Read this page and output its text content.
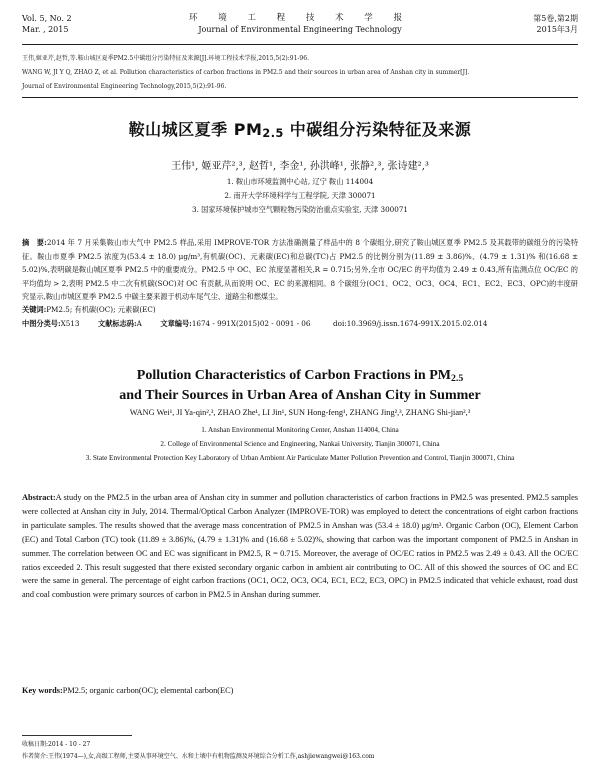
Vol. 5, No. 2
Mar. , 2015
环 境 工 程 技 术 学 报
Journal of Environmental Engineering Technology
第5卷,第2期
2015年3月
王伟,姬亚芹,赵哲,等.鞍山城区夏季PM2.5中碳组分污染特征及来源[J].环境工程技术学报,2015,5(2):91-96.
WANG W, JI Y Q, ZHAO Z, et al. Pollution characteristics of carbon fractions in PM2.5 and their sources in urban area of Anshan city in summer[J].
Journal of Environmental Engineering Technology,2015,5(2):91-96.
鞍山城区夏季 $PM_{2.5}$ 中碳组分污染特征及来源
王伟¹, 姬亚芹²,³, 赵哲¹, 李金¹, 孙洪峰¹, 张静²,³, 张诗建²,³
1. 鞍山市环境监测中心站, 辽宁 鞍山 114004
2. 南开大学环境科学与工程学院, 天津 300071
3. 国家环境保护城市空气颗粒物污染防治重点实验室, 天津 300071
摘　要:2014 年 7 月采集鞍山市大气中 PM2.5 样品,采用 IMPROVE-TOR 方法准确测量了样品中的 8 个碳组分,研究了鞍山城区夏季 PM2.5 及其载带的碳组分的污染特征。鞍山市夏季 PM2.5 浓度为(53.4 ± 18.0) μg/m³,有机碳(OC)、元素碳(EC)和总碳(TC)占 PM2.5 的比例分别为(11.89 ± 3.86)%、(4.79 ± 1.31)% 和(16.68 ± 5.02)%,表明碳是鞍山城区夏季 PM2.5 中的重要成分。PM2.5 中 OC、EC 浓度显著相关,R = 0.715;另外,全市 OC/EC 的平均值为 2.49 ± 0.43,所有监测点位 OC/EC 的平均值均 > 2,表明 PM2.5 中二次有机碳(SOC)对 OC 有贡献,从而说明 OC、EC 的来源相同。8 个碳组分(OC1、OC2、OC3、OC4、EC1、EC2、EC3、OPC)的丰度研究显示,鞍山市城区夏季 PM2.5 中碳主要来源于机动车尾气尘、道路尘和燃煤尘。
关键词:PM2.5; 有机碳(OC); 元素碳(EC)
中图分类号:X513	文献标志码:A	文章编号:1674 - 991X(2015)02 - 0091 - 06	doi:10.3969/j.issn.1674-991X.2015.02.014
Pollution Characteristics of Carbon Fractions in $PM_{2.5}$
and Their Sources in Urban Area of Anshan City in Summer
WANG Wei¹, JI Ya-qin²,³, ZHAO Zhe¹, LI Jin¹, SUN Hong-feng¹, ZHANG Jing²,³, ZHANG Shi-jian²,³
1. Anshan Environmental Monitoring Center, Anshan 114004, China
2. College of Environmental Science and Engineering, Nankai University, Tianjin 300071, China
3. State Environmental Protection Key Laboratory of Urban Ambient Air Particulate Matter Pollution Prevention and Control, Tianjin 300071, China
Abstract:A study on the PM2.5 in the urban area of Anshan city in summer and pollution characteristics of carbon fractions in PM2.5 was presented. PM2.5 samples were collected at Anshan city in July, 2014. Thermal/Optical Carbon Analyzer (IMPROVE-TOR) was employed to detect the concentrations of eight carbon fractions in particulate samples. The results showed that the average mass concentration of PM2.5 in Anshan was (53.4 ± 18.0) μg/m³. Organic Carbon (OC), Element Carbon (EC) and Total Carbon (TC) took (11.89 ± 3.86)%, (4.79 ± 1.31)% and (16.68 ± 5.02)%, showing that carbon was the important component of PM2.5 in Anshan in summer. The correlation between OC and EC was significant in PM2.5, R = 0.715. Moreover, the average of OC/EC ratios in PM2.5 was 2.49 ± 0.43. All the OC/EC ratios exceeded 2. This result suggested that there existed secondary organic carbon in ambient air contributing to OC. All of this showed the sources of OC and EC were the same in general. The percentage of eight carbon fractions (OC1, OC2, OC3, OC4, EC1, EC2, EC3, OPC) in PM2.5 indicated that vehicle exhaust, road dust and coal combustion were primary sources of carbon in PM2.5 in Anshan during summer.
Key words:PM2.5; organic carbon(OC); elemental carbon(EC)
收稿日期:2014 - 10 - 27
作者简介:王伟(1974—),女,高级工程师,主要从事环境空气、水和土壤中有机物监测及环境综合分析工作,ashjiewangwei@163.com
